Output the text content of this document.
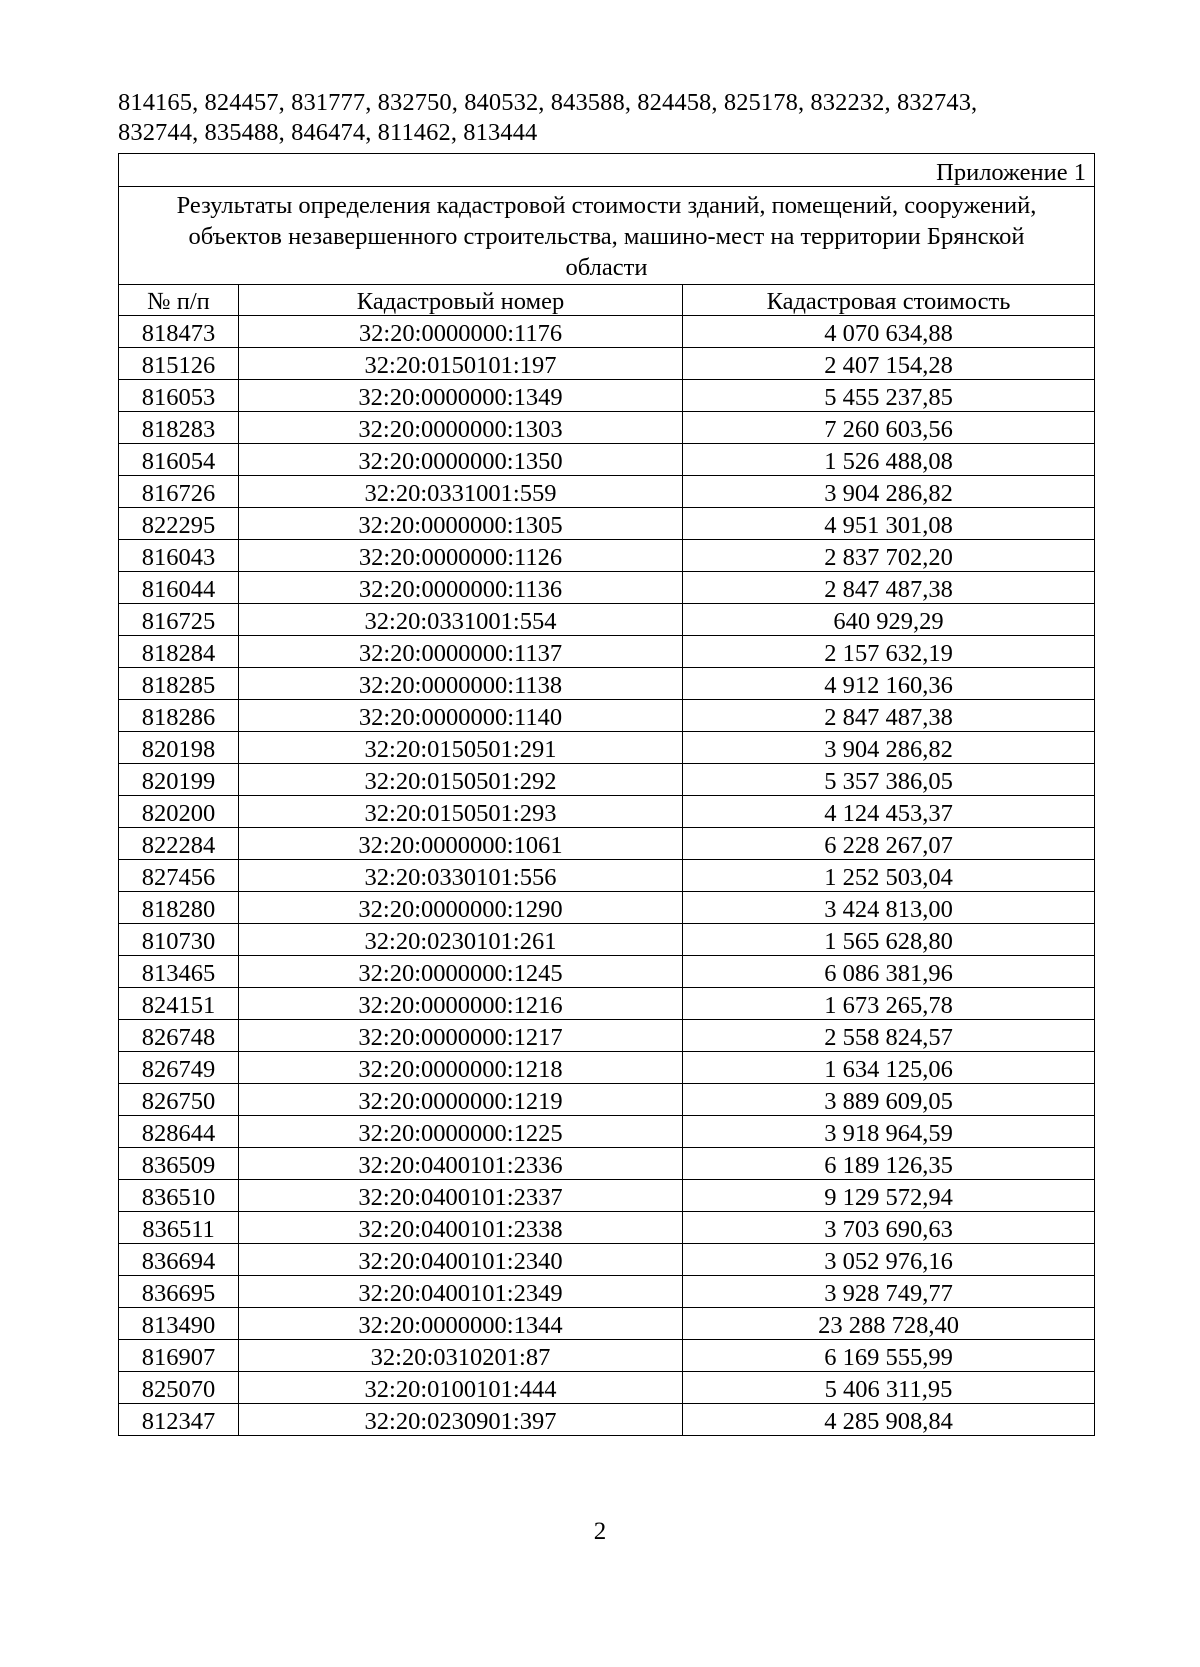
814165, 824457, 831777, 832750, 840532, 843588, 824458, 825178, 832232, 832743,
832744, 835488, 846474, 811462, 813444
Приложение 1		
Результаты определения кадастровой стоимости зданий, помещений, сооружений, объектов незавершенного строительства, машино-мест на территории Брянской области		
№ п/п	Кадастровый номер	Кадастровая стоимость
818473	32:20:0000000:1176	4 070 634,88
815126	32:20:0150101:197	2 407 154,28
816053	32:20:0000000:1349	5 455 237,85
818283	32:20:0000000:1303	7 260 603,56
816054	32:20:0000000:1350	1 526 488,08
816726	32:20:0331001:559	3 904 286,82
822295	32:20:0000000:1305	4 951 301,08
816043	32:20:0000000:1126	2 837 702,20
816044	32:20:0000000:1136	2 847 487,38
816725	32:20:0331001:554	640 929,29
818284	32:20:0000000:1137	2 157 632,19
818285	32:20:0000000:1138	4 912 160,36
818286	32:20:0000000:1140	2 847 487,38
820198	32:20:0150501:291	3 904 286,82
820199	32:20:0150501:292	5 357 386,05
820200	32:20:0150501:293	4 124 453,37
822284	32:20:0000000:1061	6 228 267,07
827456	32:20:0330101:556	1 252 503,04
818280	32:20:0000000:1290	3 424 813,00
810730	32:20:0230101:261	1 565 628,80
813465	32:20:0000000:1245	6 086 381,96
824151	32:20:0000000:1216	1 673 265,78
826748	32:20:0000000:1217	2 558 824,57
826749	32:20:0000000:1218	1 634 125,06
826750	32:20:0000000:1219	3 889 609,05
828644	32:20:0000000:1225	3 918 964,59
836509	32:20:0400101:2336	6 189 126,35
836510	32:20:0400101:2337	9 129 572,94
836511	32:20:0400101:2338	3 703 690,63
836694	32:20:0400101:2340	3 052 976,16
836695	32:20:0400101:2349	3 928 749,77
813490	32:20:0000000:1344	23 288 728,40
816907	32:20:0310201:87	6 169 555,99
825070	32:20:0100101:444	5 406 311,95
812347	32:20:0230901:397	4 285 908,84
2
